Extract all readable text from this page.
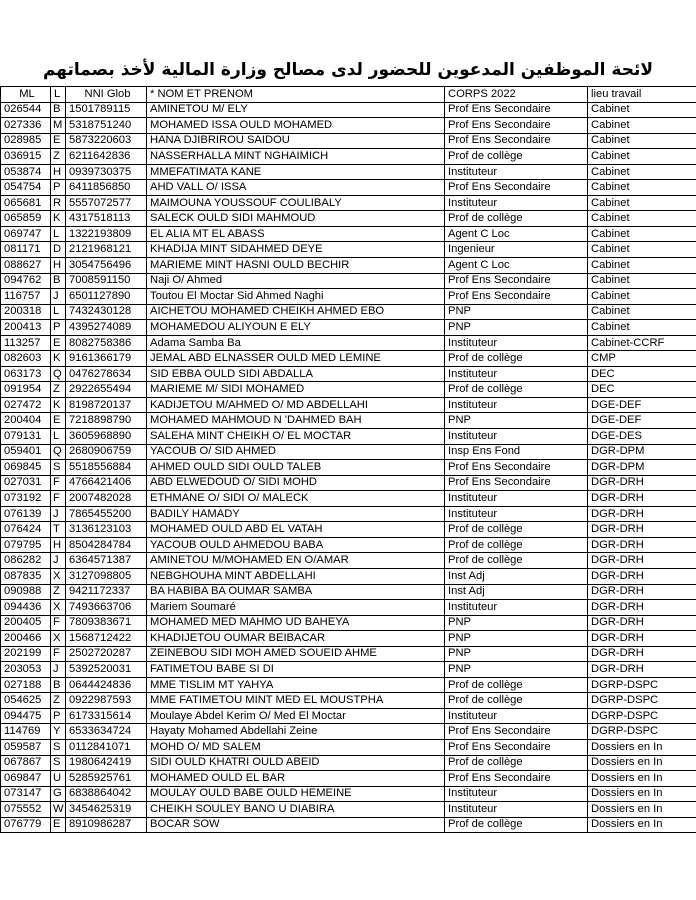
لائحة الموظفين المدعوين للحضور لدى مصالح وزارة المالية لأخذ بصماتهم
ML	L	NNI Glob	* NOM ET PRENOM	CORPS 2022	lieu travail
026544	B	1501789115	AMINETOU M/ ELY	Prof Ens Secondaire	Cabinet
027336	M	5318751240	MOHAMED ISSA OULD MOHAMED	Prof Ens Secondaire	Cabinet
028985	E	5873220603	HANA DJIBRIROU SAIDOU	Prof Ens Secondaire	Cabinet
036915	Z	6211642836	NASSERHALLA MINT NGHAIMICH	Prof de collège	Cabinet
053874	H	0939730375	MMEFATIMATA KANE	Instituteur	Cabinet
054754	P	6411856850	AHD VALL O/ ISSA	Prof Ens Secondaire	Cabinet
065681	R	5557072577	MAIMOUNA YOUSSOUF COULIBALY	Instituteur	Cabinet
065859	K	4317518113	SALECK OULD SIDI MAHMOUD	Prof de collège	Cabinet
069747	L	1322193809	EL ALIA MT EL ABASS	Agent C Loc	Cabinet
081171	D	2121968121	KHADIJA MINT SIDAHMED DEYE	Ingenieur	Cabinet
088627	H	3054756496	MARIEME MINT HASNI OULD BECHIR	Agent C Loc	Cabinet
094762	B	7008591150	Naji O/ Ahmed	Prof Ens Secondaire	Cabinet
116757	J	6501127890	Toutou El Moctar Sid Ahmed Naghi	Prof Ens Secondaire	Cabinet
200318	L	7432430128	AICHETOU MOHAMED CHEIKH AHMED EBO	PNP	Cabinet
200413	P	4395274089	MOHAMEDOU ALIYOUN E ELY	PNP	Cabinet
113257	E	8082758386	Adama Samba Ba	Instituteur	Cabinet-CCRF
082603	K	9161366179	JEMAL ABD ELNASSER OULD MED LEMINE	Prof de collège	CMP
063173	Q	0476278634	SID EBBA OULD SIDI ABDALLA	Instituteur	DEC
091954	Z	2922655494	MARIEME M/ SIDI MOHAMED	Prof de collège	DEC
027472	K	8198720137	KADIJETOU M/AHMED O/ MD ABDELLAHI	Instituteur	DGE-DEF
200404	E	7218898790	MOHAMED MAHMOUD N 'DAHMED BAH	PNP	DGE-DEF
079131	L	3605968890	SALEHA MINT CHEIKH O/ EL MOCTAR	Instituteur	DGE-DES
059401	Q	2680906759	YACOUB O/ SID AHMED	Insp Ens Fond	DGR-DPM
069845	S	5518556884	AHMED OULD SIDI OULD TALEB	Prof Ens Secondaire	DGR-DPM
027031	F	4766421406	ABD ELWEDOUD O/ SIDI MOHD	Prof Ens Secondaire	DGR-DRH
073192	F	2007482028	ETHMANE O/ SIDI O/ MALECK	Instituteur	DGR-DRH
076139	J	7865455200	BADILY HAMADY	Instituteur	DGR-DRH
076424	T	3136123103	MOHAMED OULD ABD EL VATAH	Prof de collège	DGR-DRH
079795	H	8504284784	YACOUB OULD AHMEDOU BABA	Prof de collège	DGR-DRH
086282	J	6364571387	AMINETOU M/MOHAMED EN O/AMAR	Prof de collège	DGR-DRH
087835	X	3127098805	NEBGHOUHA MINT ABDELLAHI	Inst Adj	DGR-DRH
090988	Z	9421172337	BA HABIBA BA OUMAR SAMBA	Inst Adj	DGR-DRH
094436	X	7493663706	Mariem Soumaré	Instituteur	DGR-DRH
200405	F	7809383671	MOHAMED MED MAHMO UD BAHEYA	PNP	DGR-DRH
200466	X	1568712422	KHADIJETOU OUMAR BEIBACAR	PNP	DGR-DRH
202199	F	2502720287	ZEINEBOU SIDI MOH AMED SOUEID AHME	PNP	DGR-DRH
203053	J	5392520031	FATIMETOU BABE SI DI	PNP	DGR-DRH
027188	B	0644424836	MME TISLIM MT YAHYA	Prof de collège	DGRP-DSPC
054625	Z	0922987593	MME FATIMETOU MINT MED EL MOUSTPHA	Prof de collège	DGRP-DSPC
094475	P	6173315614	Moulaye Abdel Kerim O/ Med El Moctar	Instituteur	DGRP-DSPC
114769	Y	6533634724	Hayaty Mohamed Abdellahi Zeine	Prof Ens Secondaire	DGRP-DSPC
059587	S	0112841071	MOHD O/ MD SALEM	Prof Ens Secondaire	Dossiers en In
067867	S	1980642419	SIDI OULD KHATRI OULD ABEID	Prof de collège	Dossiers en In
069847	U	5285925761	MOHAMED OULD EL BAR	Prof Ens Secondaire	Dossiers en In
073147	G	6838864042	MOULAY OULD BABE OULD HEMEINE	Instituteur	Dossiers en In
075552	W	3454625319	CHEIKH SOULEY BANO U DIABIRA	Instituteur	Dossiers en In
076779	E	8910986287	BOCAR SOW	Prof de collège	Dossiers en In
